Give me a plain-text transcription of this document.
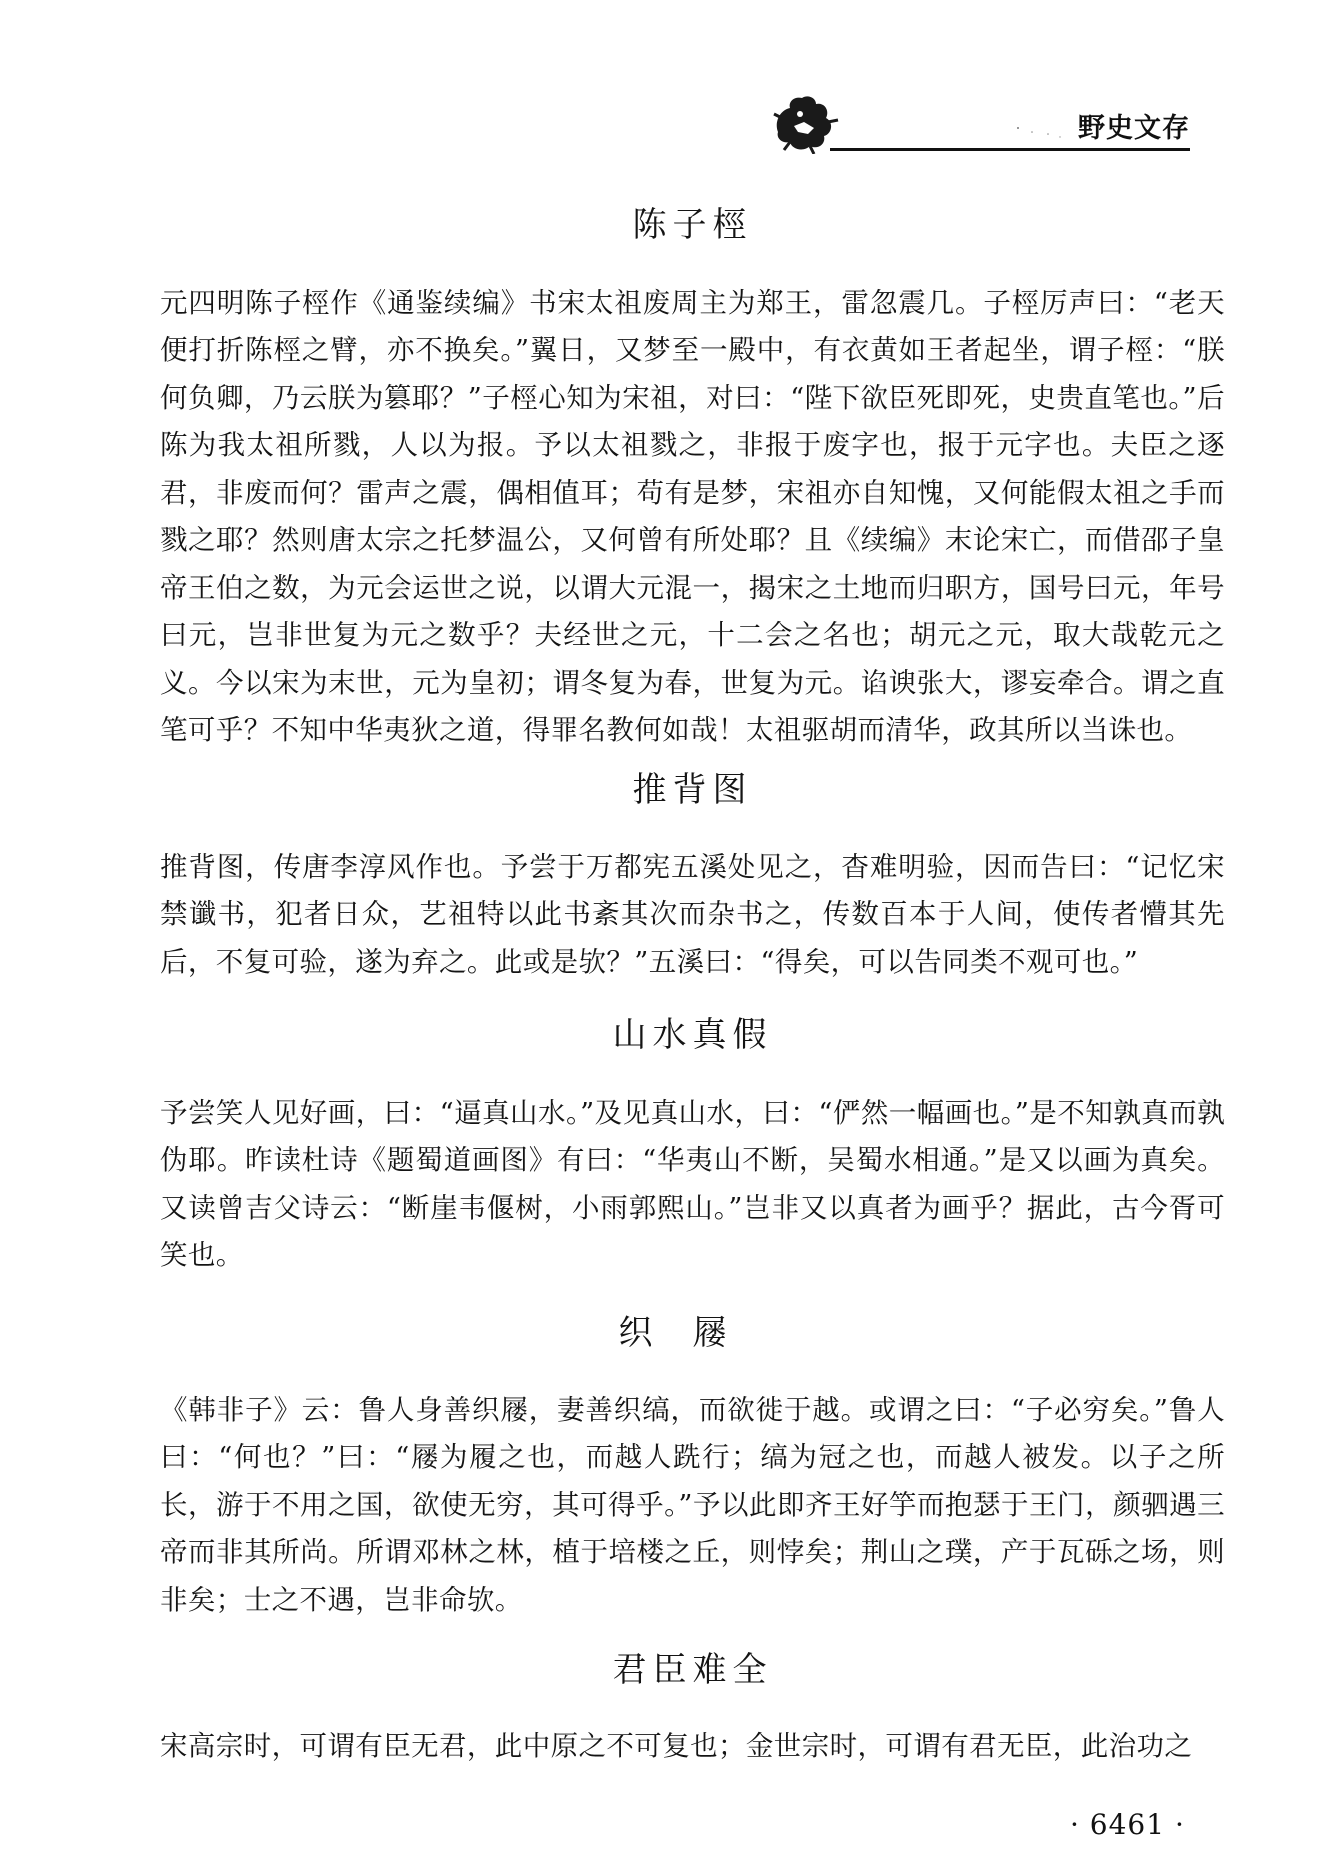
野史文存
陈子桱

元四明陈子桱作《通鉴续编》书宋太祖废周主为郑王，雷忽震几。子桱厉声曰：“老天便打折陈桱之臂，亦不换矣。”翼日，又梦至一殿中，有衣黄如王者起坐，谓子桱：“朕何负卿，乃云朕为篡耶？”子桱心知为宋祖，对曰：“陛下欲臣死即死，史贵直笔也。”后陈为我太祖所戮，人以为报。予以太祖戮之，非报于废字也，报于元字也。夫臣之逐君，非废而何？雷声之震，偶相值耳；苟有是梦，宋祖亦自知愧，又何能假太祖之手而戮之耶？然则唐太宗之托梦温公，又何曾有所处耶？且《续编》末论宋亡，而借邵子皇帝王伯之数，为元会运世之说，以谓大元混一，揭宋之土地而归职方，国号曰元，年号曰元，岂非世复为元之数乎？夫经世之元，十二会之名也；胡元之元，取大哉乾元之义。今以宋为末世，元为皇初；谓冬复为春，世复为元。谄谀张大，谬妄牵合。谓之直笔可乎？不知中华夷狄之道，得罪名教何如哉！太祖驱胡而清华，政其所以当诛也。

推背图

推背图，传唐李淳风作也。予尝于万都宪五溪处见之，杳难明验，因而告曰：“记忆宋禁谶书，犯者日众，艺祖特以此书紊其次而杂书之，传数百本于人间，使传者懵其先后，不复可验，遂为弃之。此或是欤？”五溪曰：“得矣，可以告同类不观可也。”

山水真假

予尝笑人见好画，曰：“逼真山水。”及见真山水，曰：“俨然一幅画也。”是不知孰真而孰伪耶。昨读杜诗《题蜀道画图》有曰：“华夷山不断，吴蜀水相通。”是又以画为真矣。又读曾吉父诗云：“断崖韦偃树，小雨郭熙山。”岂非又以真者为画乎？据此，古今胥可笑也。

织屦

《韩非子》云：鲁人身善织屦，妻善织缟，而欲徙于越。或谓之曰：“子必穷矣。”鲁人曰：“何也？”曰：“屦为履之也，而越人跣行；缟为冠之也，而越人被发。以子之所长，游于不用之国，欲使无穷，其可得乎。”予以此即齐王好竽而抱瑟于王门，颜驷遇三帝而非其所尚。所谓邓林之林，植于培楼之丘，则悖矣；荆山之璞，产于瓦砾之场，则非矣；士之不遇，岂非命欤。

君臣难全

宋高宗时，可谓有臣无君，此中原之不可复也；金世宗时，可谓有君无臣，此治功之

· 6461 ·
